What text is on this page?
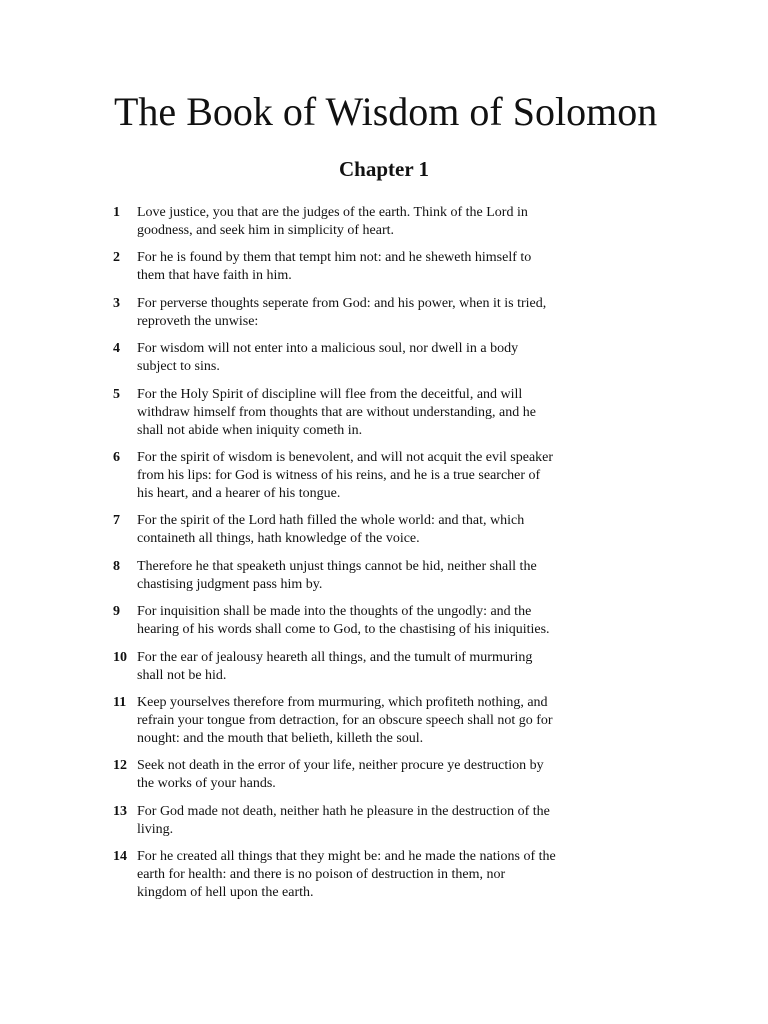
The Book of Wisdom of Solomon
Chapter 1
1	Love justice, you that are the judges of the earth. Think of the Lord in
goodness, and seek him in simplicity of heart.
2	For he is found by them that tempt him not: and he sheweth himself to
them that have faith in him.
3	For perverse thoughts seperate from God: and his power, when it is tried,
reproveth the unwise:
4	For wisdom will not enter into a malicious soul, nor dwell in a body
subject to sins.
5	For the Holy Spirit of discipline will flee from the deceitful, and will
withdraw himself from thoughts that are without understanding, and he
shall not abide when iniquity cometh in.
6	For the spirit of wisdom is benevolent, and will not acquit the evil speaker
from his lips: for God is witness of his reins, and he is a true searcher of
his heart, and a hearer of his tongue.
7	For the spirit of the Lord hath filled the whole world: and that, which
containeth all things, hath knowledge of the voice.
8	Therefore he that speaketh unjust things cannot be hid, neither shall the
chastising judgment pass him by.
9	For inquisition shall be made into the thoughts of the ungodly: and the
hearing of his words shall come to God, to the chastising of his iniquities.
10 For the ear of jealousy heareth all things, and the tumult of murmuring
shall not be hid.
11 Keep yourselves therefore from murmuring, which profiteth nothing, and
refrain your tongue from detraction, for an obscure speech shall not go for
nought: and the mouth that belieth, killeth the soul.
12 Seek not death in the error of your life, neither procure ye destruction by
the works of your hands.
13 For God made not death, neither hath he pleasure in the destruction of the
living.
14 For he created all things that they might be: and he made the nations of the
earth for health: and there is no poison of destruction in them, nor
kingdom of hell upon the earth.
